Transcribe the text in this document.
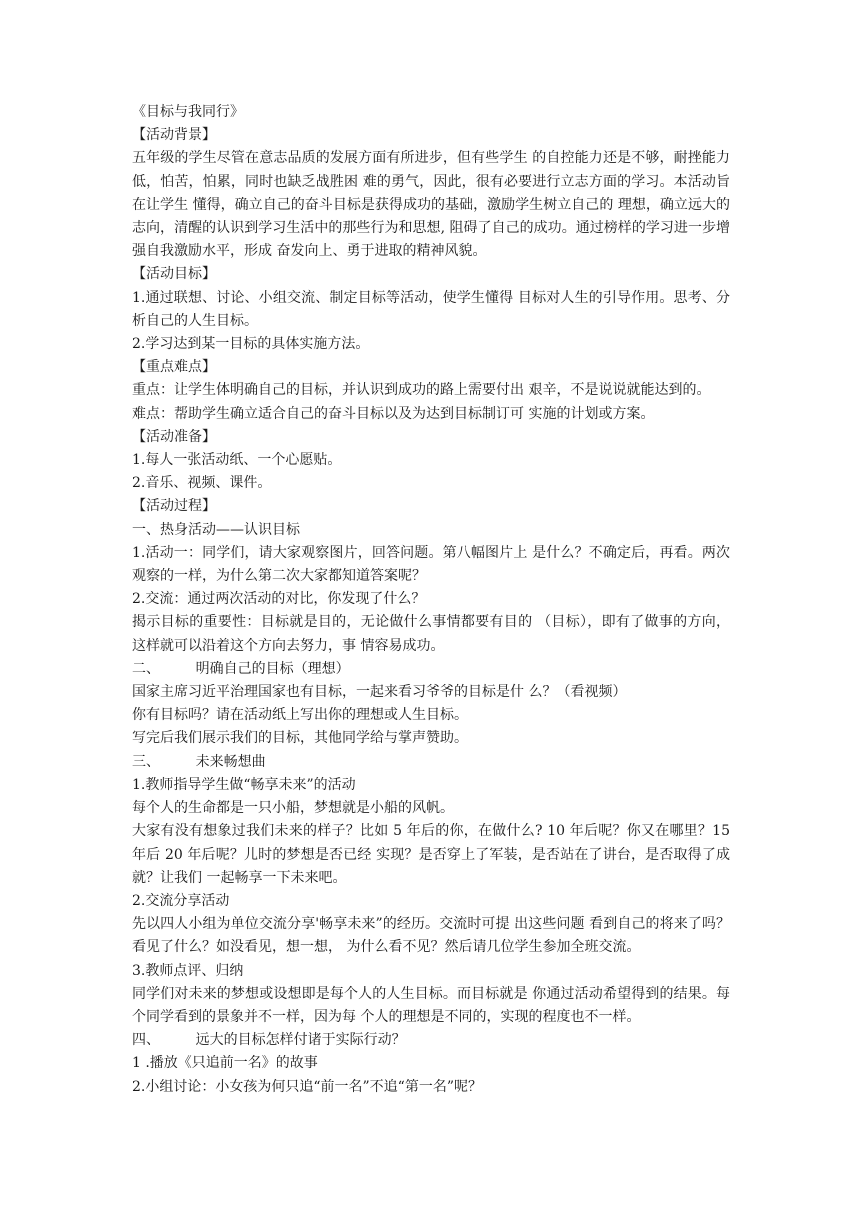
《目标与我同行》
【活动背景】
五年级的学生尽管在意志品质的发展方面有所进步，但有些学生 的自控能力还是不够，耐挫能力低，怕苦，怕累，同时也缺乏战胜困 难的勇气，因此，很有必要进行立志方面的学习。本活动旨在让学生 懂得，确立自己的奋斗目标是获得成功的基础，激励学生树立自己的 理想，确立远大的志向，清醒的认识到学习生活中的那些行为和思想, 阻碍了自己的成功。通过榜样的学习进一步增强自我激励水平，形成 奋发向上、勇于进取的精神风貌。
【活动目标】
1.通过联想、讨论、小组交流、制定目标等活动，使学生懂得 目标对人生的引导作用。思考、分析自己的人生目标。
2.学习达到某一目标的具体实施方法。
【重点难点】
重点：让学生体明确自己的目标，并认识到成功的路上需要付出 艰辛，不是说说就能达到的。
难点：帮助学生确立适合自己的奋斗目标以及为达到目标制订可 实施的计划或方案。
【活动准备】
1.每人一张活动纸、一个心愿贴。
2.音乐、视频、课件。
【活动过程】
一、热身活动——认识目标
1.活动一：同学们，请大家观察图片，回答问题。第八幅图片上 是什么？不确定后，再看。两次观察的一样，为什么第二次大家都知道答案呢？
2.交流：通过两次活动的对比，你发现了什么？
揭示目标的重要性：目标就是目的，无论做什么事情都要有目的 （目标），即有了做事的方向，这样就可以沿着这个方向去努力，事 情容易成功。
二、        明确自己的目标（理想）
国家主席习近平治理国家也有目标，一起来看习爷爷的目标是什 么？（看视频）
你有目标吗？请在活动纸上写出你的理想或人生目标。
写完后我们展示我们的目标，其他同学给与掌声赞助。
三、        未来畅想曲
1.教师指导学生做“畅享未来”的活动
每个人的生命都是一只小船，梦想就是小船的风帆。
大家有没有想象过我们未来的样子？比如 5 年后的你，在做什么? 10 年后呢？你又在哪里？15 年后 20 年后呢？儿时的梦想是否已经 实现？是否穿上了军装，是否站在了讲台，是否取得了成就？让我们 一起畅享一下未来吧。
2.交流分享活动
先以四人小组为单位交流分享'畅享未来”的经历。交流时可提 出这些问题 看到自己的将来了吗？看见了什么？如没看见，想一想， 为什么看不见？然后请几位学生参加全班交流。
3.教师点评、归纳
同学们对未来的梦想或设想即是每个人的人生目标。而目标就是 你通过活动希望得到的结果。每个同学看到的景象并不一样，因为每 个人的理想是不同的，实现的程度也不一样。
四、        远大的目标怎样付诸于实际行动？
1 .播放《只追前一名》的故事
2.小组讨论：小女孩为何只追“前一名”不追“第一名”呢？
